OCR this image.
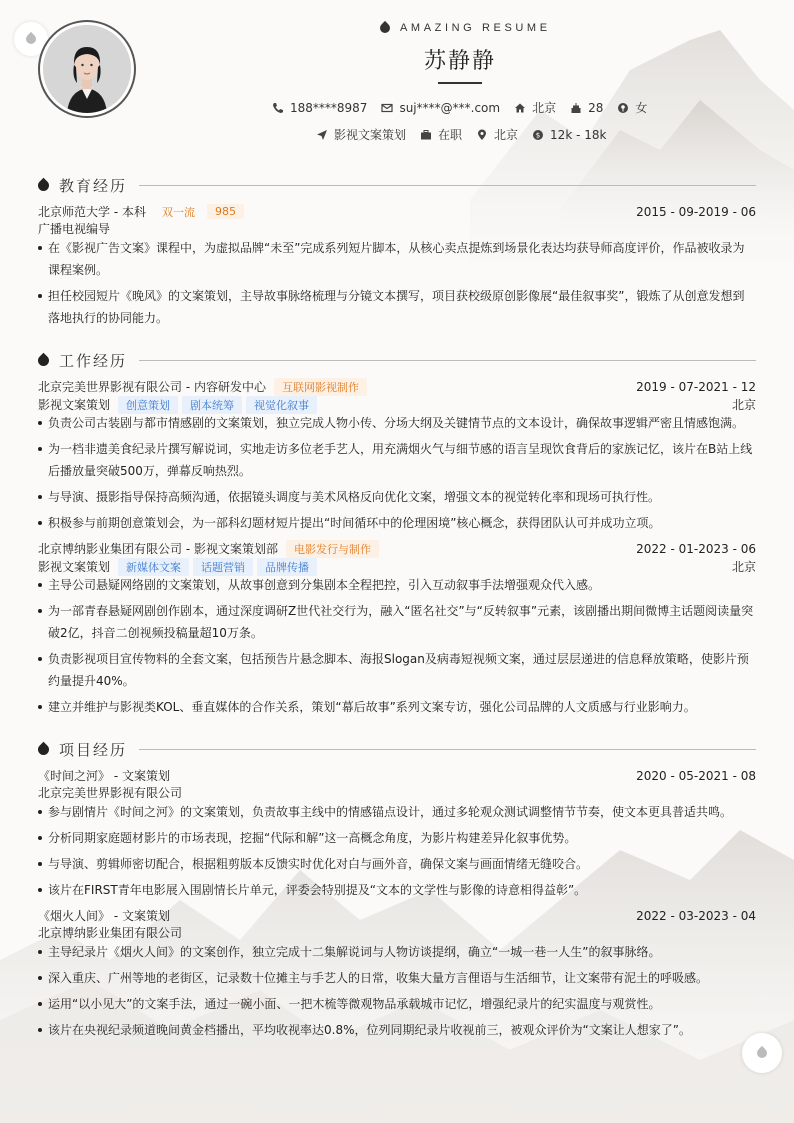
AMAZING RESUME
苏静静
188****8987	suj****@***.com	北京	28	女
影视文案策划	在职	北京	$ 12k - 18k
教育经历
北京师范大学 - 本科	双一流	985	2015 - 09-2019 - 06
广播电视编导
在《影视广告文案》课程中，为虚拟品牌“未至”完成系列短片脚本，从核心卖点提炼到场景化表达均获导师高度评价，作品被收录为课程案例。
担任校园短片《晚风》的文案策划，主导故事脉络梳理与分镜文本撰写，项目获校级原创影像展“最佳叙事奖”，锻炼了从创意发想到落地执行的协同能力。
工作经历
北京完美世界影视有限公司 - 内容研发中心	互联网影视制作	2019 - 07-2021 - 12
影视文案策划	创意策划	剧本统筹	视觉化叙事	北京
负责公司古装剧与都市情感剧的文案策划，独立完成人物小传、分场大纲及关键情节点的文本设计，确保故事逻辑严密且情感饱满。
为一档非遗美食纪录片撰写解说词，实地走访多位老手艺人，用充满烟火气与细节感的语言呈现饮食背后的家族记忆，该片在B站上线后播放量突破500万，弹幕反响热烈。
与导演、摄影指导保持高频沟通，依据镜头调度与美术风格反向优化文案，增强文本的视觉转化率和现场可执行性。
积极参与前期创意策划会，为一部科幻题材短片提出“时间循环中的伦理困境”核心概念，获得团队认可并成功立项。
北京博纳影业集团有限公司 - 影视文案策划部	电影发行与制作	2022 - 01-2023 - 06
影视文案策划	新媒体文案	话题营销	品牌传播	北京
主导公司悬疑网络剧的文案策划，从故事创意到分集剧本全程把控，引入互动叙事手法增强观众代入感。
为一部青春悬疑网剧创作剧本，通过深度调研Z世代社交行为，融入“匿名社交”与“反转叙事”元素，该剧播出期间微博主话题阅读量突破2亿，抖音二创视频投稿量超10万条。
负责影视项目宣传物料的全套文案，包括预告片悬念脚本、海报Slogan及病毒短视频文案，通过层层递进的信息释放策略，使影片预约量提升40%。
建立并维护与影视类KOL、垂直媒体的合作关系，策划“幕后故事”系列文案专访，强化公司品牌的人文质感与行业影响力。
项目经历
《时间之河》 - 文案策划	2020 - 05-2021 - 08
北京完美世界影视有限公司
参与剧情片《时间之河》的文案策划，负责故事主线中的情感锚点设计，通过多轮观众测试调整情节节奏，使文本更具普适共鸣。
分析同期家庭题材影片的市场表现，挖掘“代际和解”这一高概念角度，为影片构建差异化叙事优势。
与导演、剪辑师密切配合，根据粗剪版本反馈实时优化对白与画外音，确保文案与画面情绪无缝咬合。
该片在FIRST青年电影展入围剧情长片单元，评委会特别提及“文本的文学性与影像的诗意相得益彰”。
《烟火人间》 - 文案策划	2022 - 03-2023 - 04
北京博纳影业集团有限公司
主导纪录片《烟火人间》的文案创作，独立完成十二集解说词与人物访谈提纲，确立“一城一巷一人生”的叙事脉络。
深入重庆、广州等地的老街区，记录数十位摊主与手艺人的日常，收集大量方言俚语与生活细节，让文案带有泥土的呼吸感。
运用“以小见大”的文案手法，通过一碗小面、一把木梳等微观物品承载城市记忆，增强纪录片的纪实温度与观赏性。
该片在央视纪录频道晚间黄金档播出，平均收视率达0.8%，位列同期纪录片收视前三，被观众评价为“文案让人想家了”。
